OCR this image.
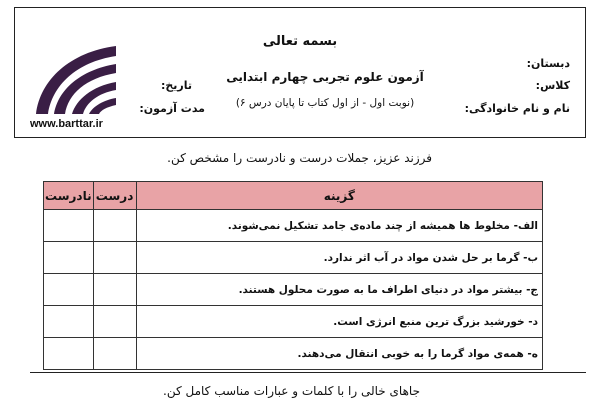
بسمه تعالی
دبستان:
کلاس:
نام و نام خانوادگی:
تاریخ:
مدت آزمون:
آزمون علوم تجربی چهارم ابتدایی
(نوبت اول - از اول کتاب تا پایان درس ۶)
www.barttar.ir
فرزند عزیز، جملات درست و نادرست را مشخص کن.
گزینه	درست	نادرست
الف- مخلوط ها همیشه از چند ماده‌ی جامد تشکیل نمی‌شوند.		
ب- گرما بر حل شدن مواد در آب اثر ندارد.		
ج- بیشتر مواد در دنیای اطراف ما به صورت محلول هستند.		
د- خورشید بزرگ ترین منبع انرژی است.		
ه- همه‌ی مواد گرما را به خوبی انتقال می‌دهند.		
جاهای خالی را با کلمات و عبارات مناسب کامل کن.
